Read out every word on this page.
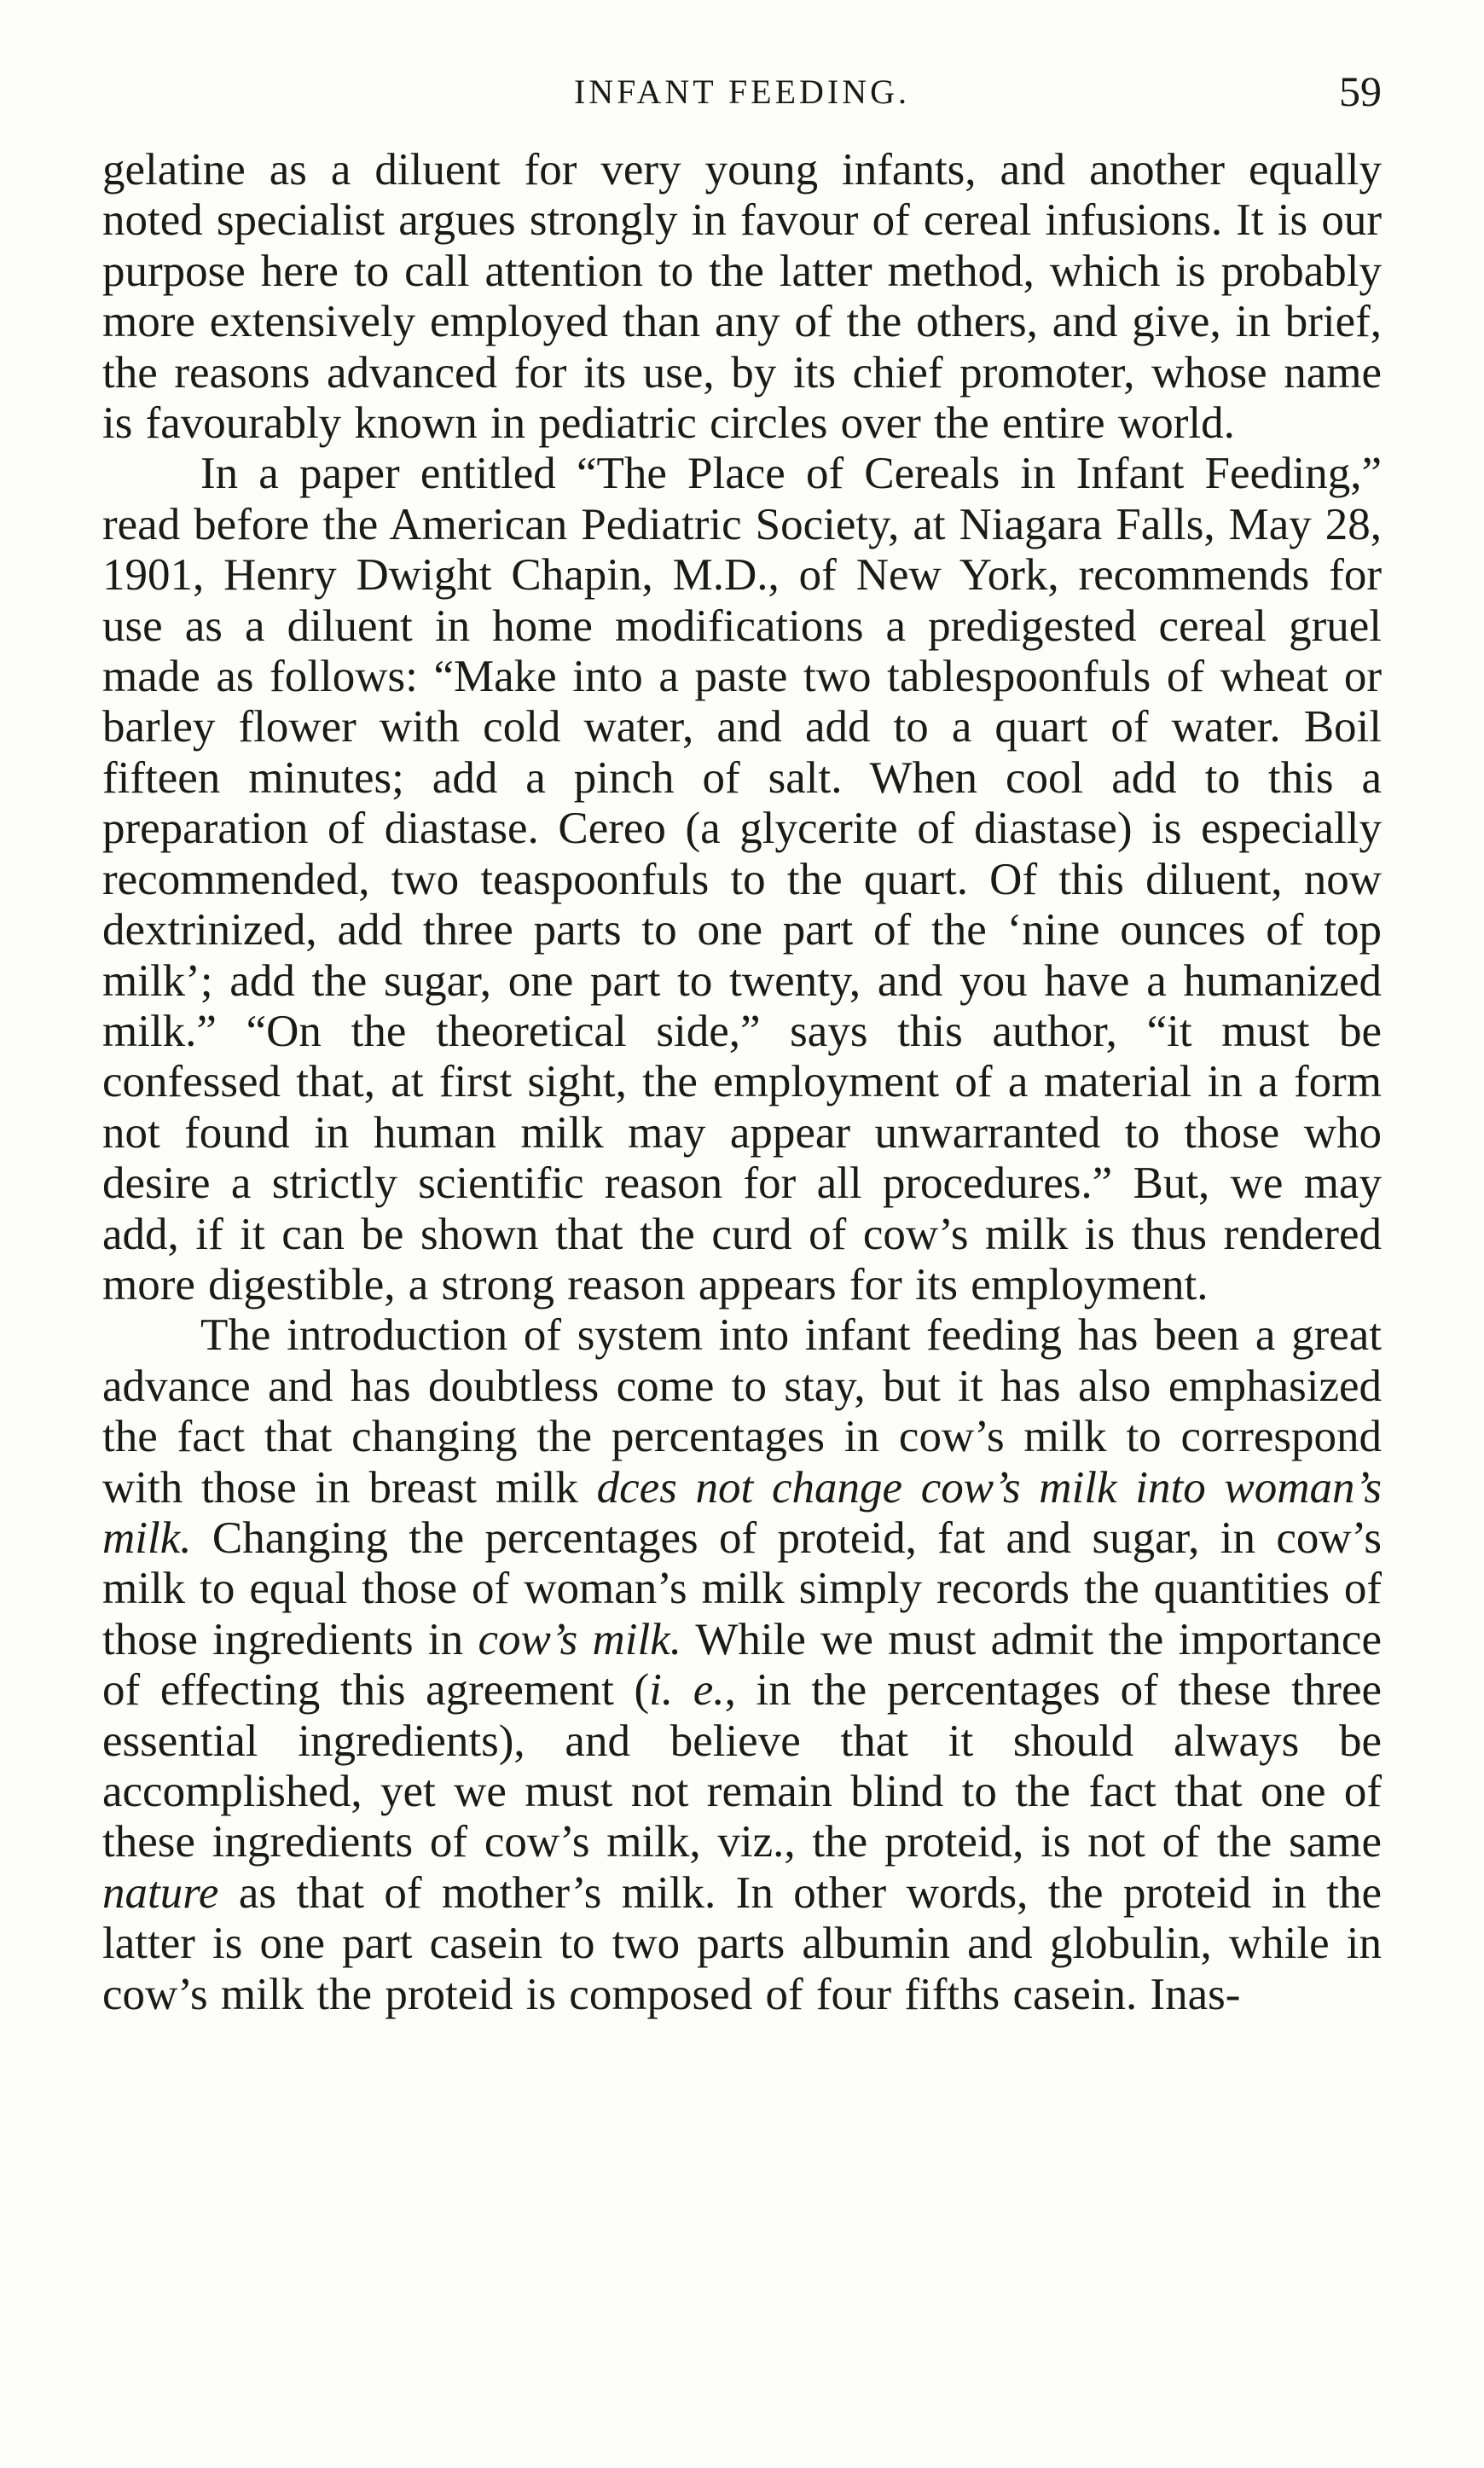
INFANT FEEDING.	59

gelatine as a diluent for very young infants, and another equally noted specialist argues strongly in favour of cereal infusions. It is our purpose here to call attention to the latter method, which is probably more extensively employed than any of the others, and give, in brief, the reasons advanced for its use, by its chief promoter, whose name is favourably known in pediatric circles over the entire world.

In a paper entitled “The Place of Cereals in Infant Feeding,” read before the American Pediatric Society, at Niagara Falls, May 28, 1901, Henry Dwight Chapin, M.D., of New York, recommends for use as a diluent in home modifications a predigested cereal gruel made as follows: “Make into a paste two tablespoonfuls of wheat or barley flower with cold water, and add to a quart of water. Boil fifteen minutes; add a pinch of salt. When cool add to this a preparation of diastase. Cereo (a glycerite of diastase) is especially recommended, two teaspoonfuls to the quart. Of this diluent, now dextrinized, add three parts to one part of the ‘nine ounces of top milk’; add the sugar, one part to twenty, and you have a humanized milk.” “On the theoretical side,” says this author, “it must be confessed that, at first sight, the employment of a material in a form not found in human milk may appear unwarranted to those who desire a strictly scientific reason for all procedures.” But, we may add, if it can be shown that the curd of cow’s milk is thus rendered more digestible, a strong reason appears for its employment.

The introduction of system into infant feeding has been a great advance and has doubtless come to stay, but it has also emphasized the fact that changing the percentages in cow’s milk to correspond with those in breast milk dces not change cow’s milk into woman’s milk. Changing the percentages of proteid, fat and sugar, in cow’s milk to equal those of woman’s milk simply records the quantities of those ingredients in cow’s milk. While we must admit the importance of effecting this agreement (i. e., in the percentages of these three essential ingredients), and believe that it should always be accomplished, yet we must not remain blind to the fact that one of these ingredients of cow’s milk, viz., the proteid, is not of the same nature as that of mother’s milk. In other words, the proteid in the latter is one part casein to two parts albumin and globulin, while in cow’s milk the proteid is composed of four fifths casein. Inas-
